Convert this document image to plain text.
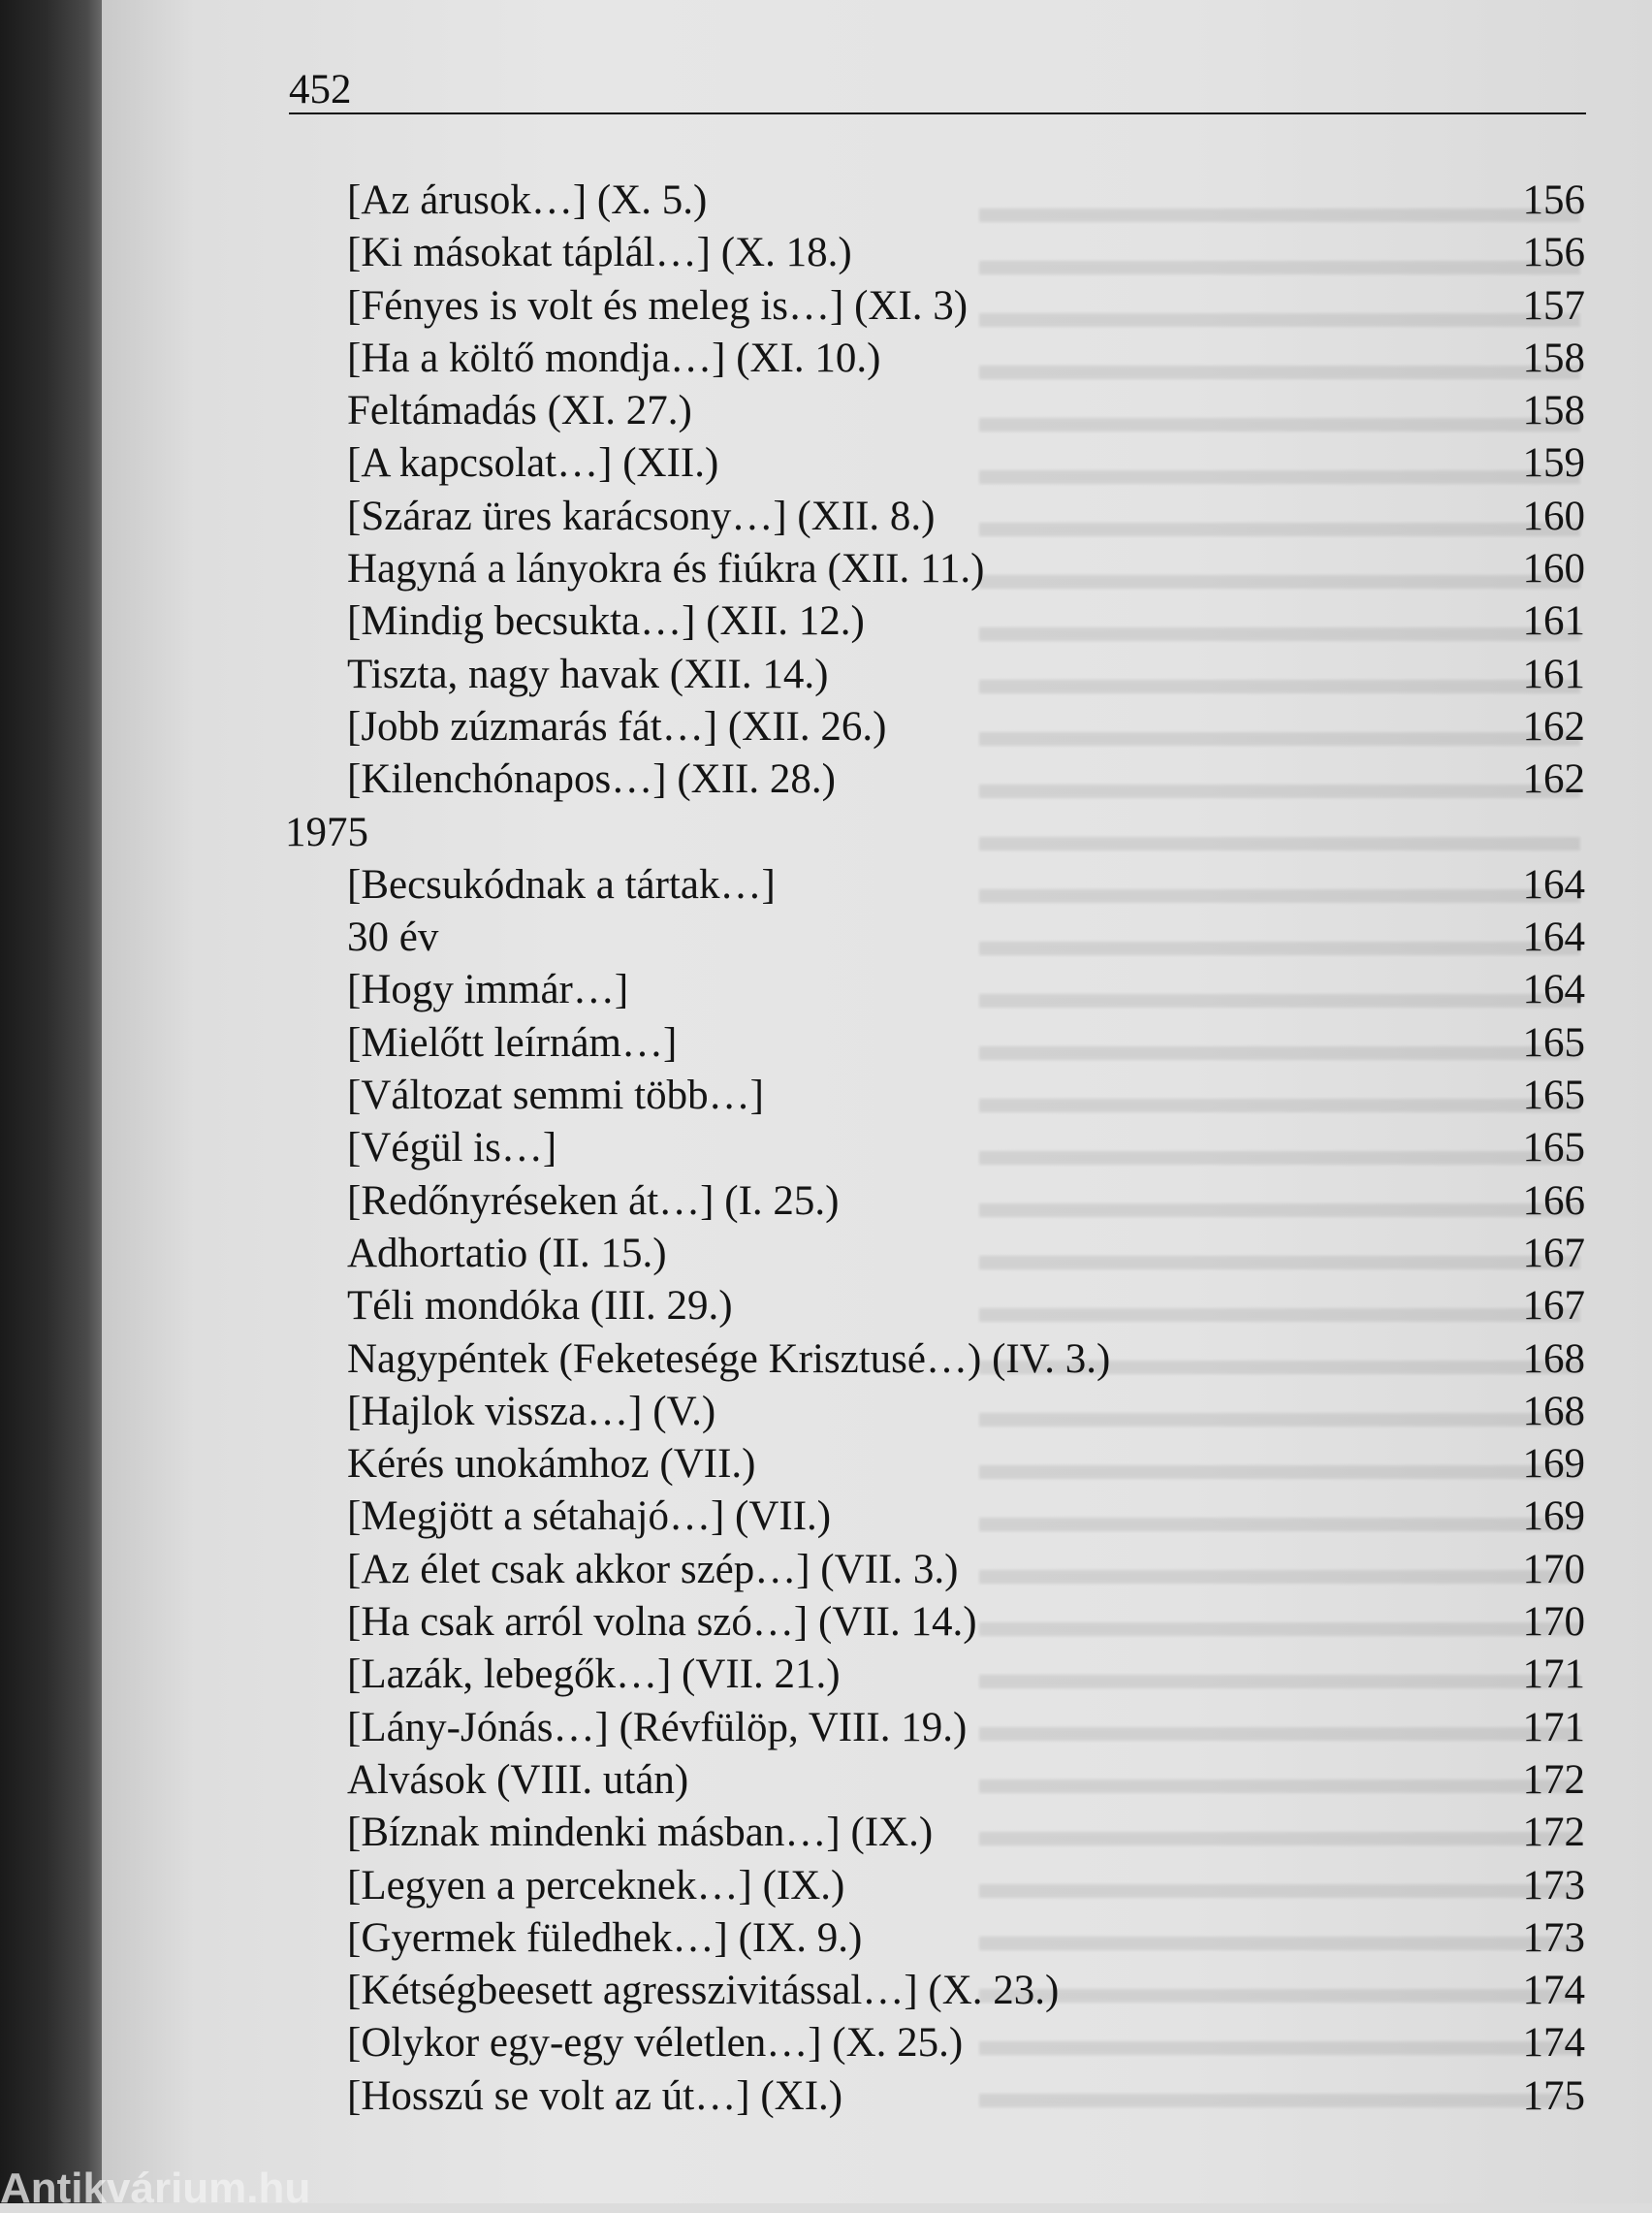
452
[Az árusok…] (X. 5.)	156
[Ki másokat táplál…] (X. 18.)	156
[Fényes is volt és meleg is…] (XI. 3)	157
[Ha a költő mondja…] (XI. 10.)	158
Feltámadás (XI. 27.)	158
[A kapcsolat…] (XII.)	159
[Száraz üres karácsony…] (XII. 8.)	160
Hagyná a lányokra és fiúkra (XII. 11.)	160
[Mindig becsukta…] (XII. 12.)	161
Tiszta, nagy havak (XII. 14.)	161
[Jobb zúzmarás fát…] (XII. 26.)	162
[Kilenchónapos…] (XII. 28.)	162
1975
[Becsukódnak a tártak…]	164
30 év	164
[Hogy immár…]	164
[Mielőtt leírnám…]	165
[Változat semmi több…]	165
[Végül is…]	165
[Redőnyréseken át…] (I. 25.)	166
Adhortatio (II. 15.)	167
Téli mondóka (III. 29.)	167
Nagypéntek (Feketesége Krisztusé…) (IV. 3.)	168
[Hajlok vissza…] (V.)	168
Kérés unokámhoz (VII.)	169
[Megjött a sétahajó…] (VII.)	169
[Az élet csak akkor szép…] (VII. 3.)	170
[Ha csak arról volna szó…] (VII. 14.)	170
[Lazák, lebegők…] (VII. 21.)	171
[Lány-Jónás…] (Révfülöp, VIII. 19.)	171
Alvások (VIII. után)	172
[Bíznak mindenki másban…] (IX.)	172
[Legyen a perceknek…] (IX.)	173
[Gyermek füledhek…] (IX. 9.)	173
[Kétségbeesett agresszivitással…] (X. 23.)	174
[Olykor egy-egy véletlen…] (X. 25.)	174
[Hosszú se volt az út…] (XI.)	175
Antikvárium.hu
